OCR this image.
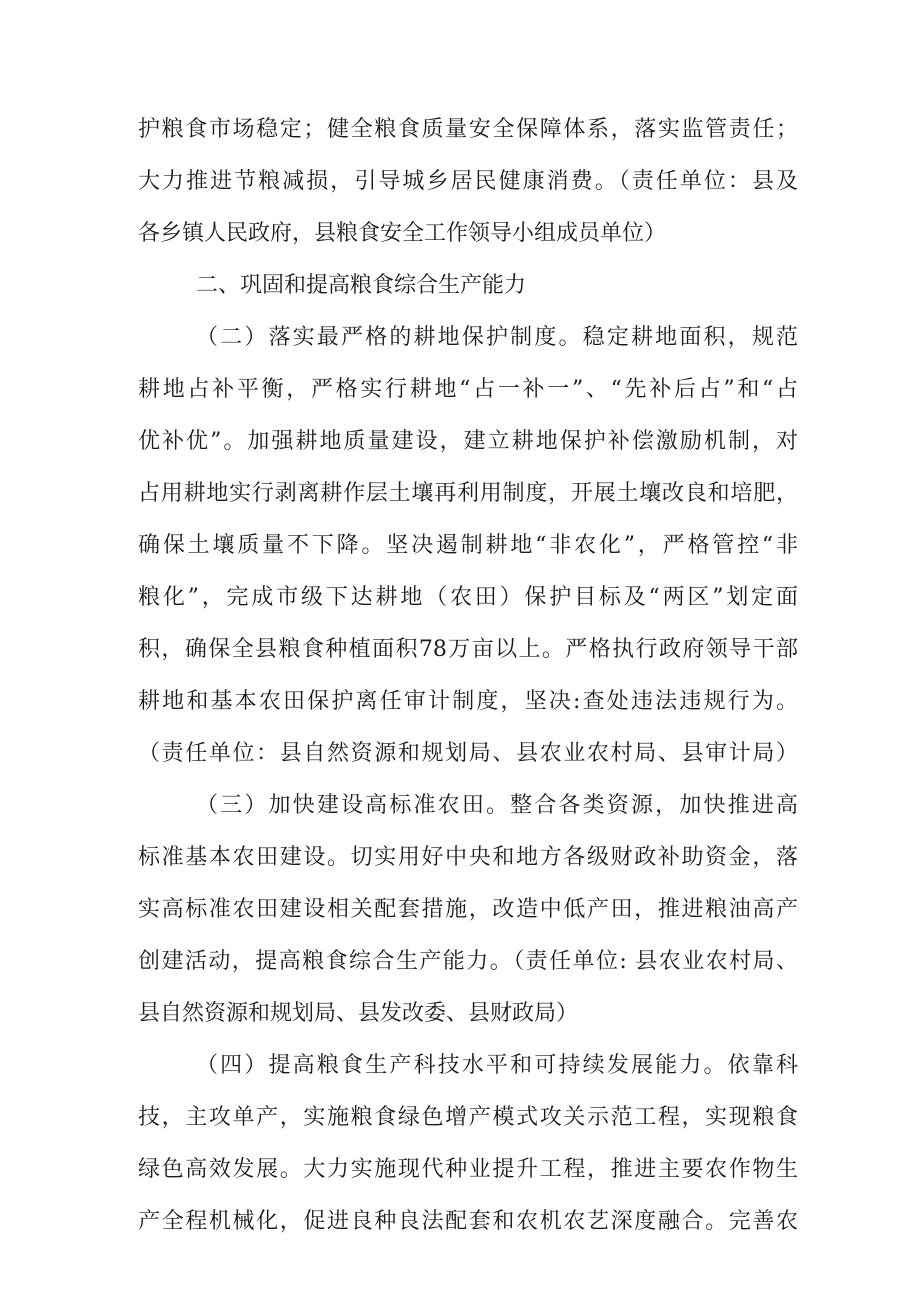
护粮食市场稳定；健全粮食质量安全保障体系，落实监管责任；
大力推进节粮减损，引导城乡居民健康消费。（责任单位：县及
各乡镇人民政府，县粮食安全工作领导小组成员单位）
二、巩固和提高粮食综合生产能力
（二）落实最严格的耕地保护制度。稳定耕地面积，规范
耕地占补平衡，严格实行耕地“占一补一”、“先补后占”和“占
优补优”。加强耕地质量建设，建立耕地保护补偿激励机制，对
占用耕地实行剥离耕作层土壤再利用制度，开展土壤改良和培肥，
确保土壤质量不下降。坚决遏制耕地“非农化”，严格管控“非
粮化”，完成市级下达耕地（农田）保护目标及“两区”划定面
积，确保全县粮食种植面积78万亩以上。严格执行政府领导干部
耕地和基本农田保护离任审计制度，坚决:查处违法违规行为。
（责任单位：县自然资源和规划局、县农业农村局、县审计局）
（三）加快建设高标准农田。整合各类资源，加快推进高
标准基本农田建设。切实用好中央和地方各级财政补助资金，落
实高标准农田建设相关配套措施，改造中低产田，推进粮油高产
创建活动，提高粮食综合生产能力。（责任单位: 县农业农村局、
县自然资源和规划局、县发改委、县财政局）
（四）提高粮食生产科技水平和可持续发展能力。依靠科
技，主攻单产，实施粮食绿色增产模式攻关示范工程，实现粮食
绿色高效发展。大力实施现代种业提升工程，推进主要农作物生
产全程机械化，促进良种良法配套和农机农艺深度融合。完善农
